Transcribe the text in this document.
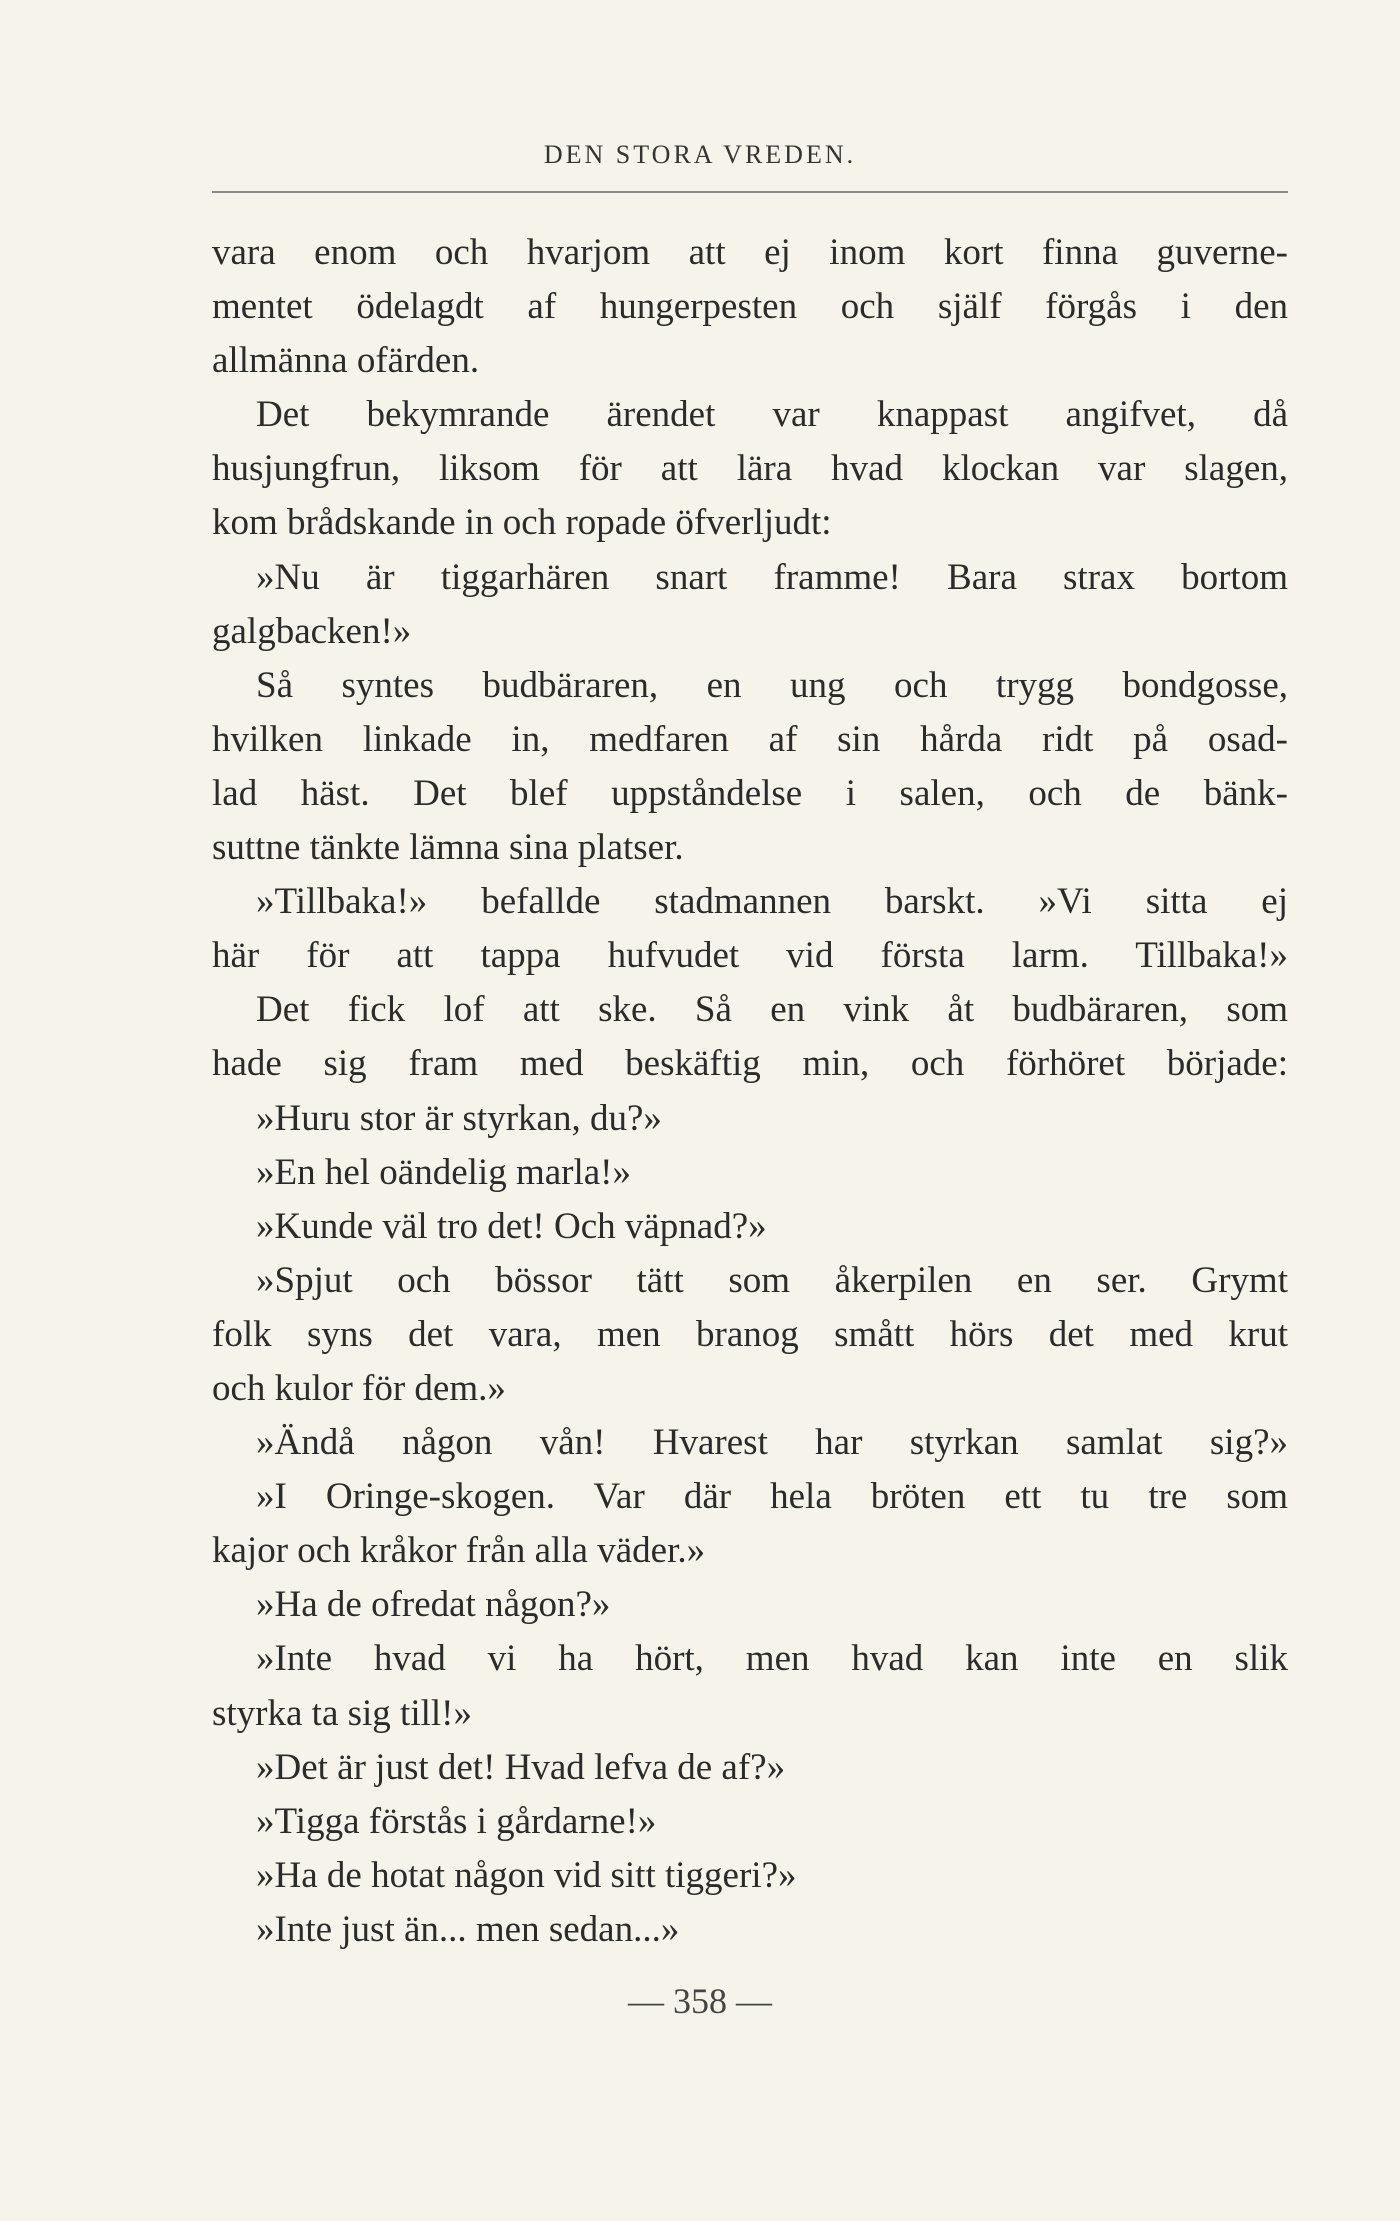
DEN STORA VREDEN.
vara enom och hvarjom att ej inom kort finna guverne-
mentet ödelagdt af hungerpesten och själf förgås i den
allmänna ofärden.
Det bekymrande ärendet var knappast angifvet, då
husjungfrun, liksom för att lära hvad klockan var slagen,
kom brådskande in och ropade öfverljudt:
»Nu är tiggarhären snart framme! Bara strax bortom
galgbacken!»
Så syntes budbäraren, en ung och trygg bondgosse,
hvilken linkade in, medfaren af sin hårda ridt på osad-
lad häst. Det blef uppståndelse i salen, och de bänk-
suttne tänkte lämna sina platser.
»Tillbaka!» befallde stadmannen barskt. »Vi sitta ej
här för att tappa hufvudet vid första larm. Tillbaka!»
Det fick lof att ske. Så en vink åt budbäraren, som
hade sig fram med beskäftig min, och förhöret började:
»Huru stor är styrkan, du?»
»En hel oändelig marla!»
»Kunde väl tro det! Och väpnad?»
»Spjut och bössor tätt som åkerpilen en ser. Grymt
folk syns det vara, men branog smått hörs det med krut
och kulor för dem.»
»Ändå någon vån! Hvarest har styrkan samlat sig?»
»I Oringe-skogen. Var där hela bröten ett tu tre som
kajor och kråkor från alla väder.»
»Ha de ofredat någon?»
»Inte hvad vi ha hört, men hvad kan inte en slik
styrka ta sig till!»
»Det är just det! Hvad lefva de af?»
»Tigga förstås i gårdarne!»
»Ha de hotat någon vid sitt tiggeri?»
»Inte just än... men sedan...»
— 358 —
